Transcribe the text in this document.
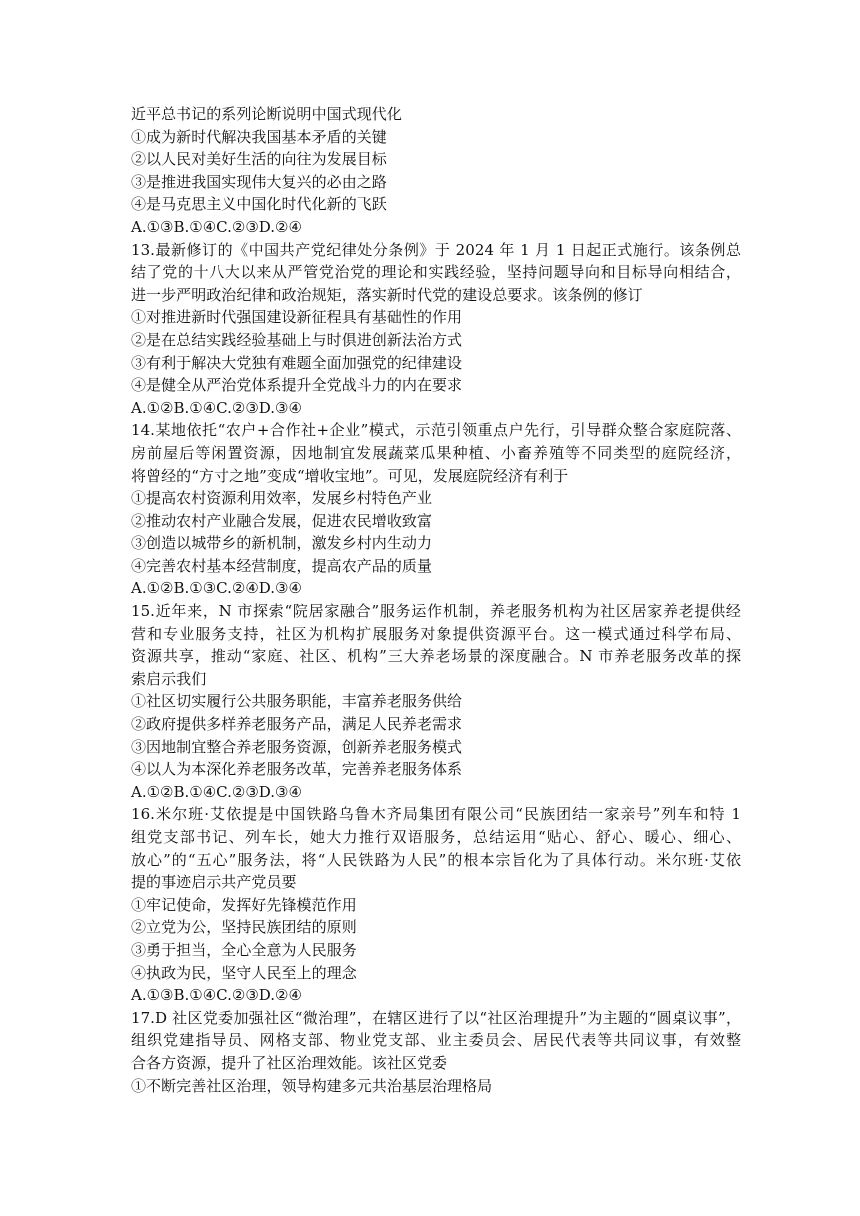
近平总书记的系列论断说明中国式现代化
①成为新时代解决我国基本矛盾的关键
②以人民对美好生活的向往为发展目标
③是推进我国实现伟大复兴的必由之路
④是马克思主义中国化时代化新的飞跃
A.①③B.①④C.②③D.②④
13.最新修订的《中国共产党纪律处分条例》于 2024 年 1 月 1 日起正式施行。该条例总
结了党的十八大以来从严管党治党的理论和实践经验，坚持问题导向和目标导向相结合，
进一步严明政治纪律和政治规矩，落实新时代党的建设总要求。该条例的修订
①对推进新时代强国建设新征程具有基础性的作用
②是在总结实践经验基础上与时俱进创新法治方式
③有利于解决大党独有难题全面加强党的纪律建设
④是健全从严治党体系提升全党战斗力的内在要求
A.①②B.①④C.②③D.③④
14.某地依托“农户+合作社+企业”模式，示范引领重点户先行，引导群众整合家庭院落、
房前屋后等闲置资源，因地制宜发展蔬菜瓜果种植、小畜养殖等不同类型的庭院经济，
将曾经的“方寸之地”变成“增收宝地”。可见，发展庭院经济有利于
①提高农村资源利用效率，发展乡村特色产业
②推动农村产业融合发展，促进农民增收致富
③创造以城带乡的新机制，激发乡村内生动力
④完善农村基本经营制度，提高农产品的质量
A.①②B.①③C.②④D.③④
15.近年来，N 市探索“院居家融合”服务运作机制，养老服务机构为社区居家养老提供经
营和专业服务支持，社区为机构扩展服务对象提供资源平台。这一模式通过科学布局、
资源共享，推动“家庭、社区、机构”三大养老场景的深度融合。N 市养老服务改革的探
索启示我们
①社区切实履行公共服务职能，丰富养老服务供给
②政府提供多样养老服务产品，满足人民养老需求
③因地制宜整合养老服务资源，创新养老服务模式
④以人为本深化养老服务改革，完善养老服务体系
A.①②B.①④C.②③D.③④
16.米尔班·艾依提是中国铁路乌鲁木齐局集团有限公司“民族团结一家亲号”列车和特 1
组党支部书记、列车长，她大力推行双语服务，总结运用“贴心、舒心、暖心、细心、
放心”的“五心”服务法，将“人民铁路为人民”的根本宗旨化为了具体行动。米尔班·艾依
提的事迹启示共产党员要
①牢记使命，发挥好先锋模范作用
②立党为公，坚持民族团结的原则
③勇于担当，全心全意为人民服务
④执政为民，坚守人民至上的理念
A.①③B.①④C.②③D.②④
17.D 社区党委加强社区“微治理”，在辖区进行了以“社区治理提升”为主题的“圆桌议事”，
组织党建指导员、网格支部、物业党支部、业主委员会、居民代表等共同议事，有效整
合各方资源，提升了社区治理效能。该社区党委
①不断完善社区治理，领导构建多元共治基层治理格局
